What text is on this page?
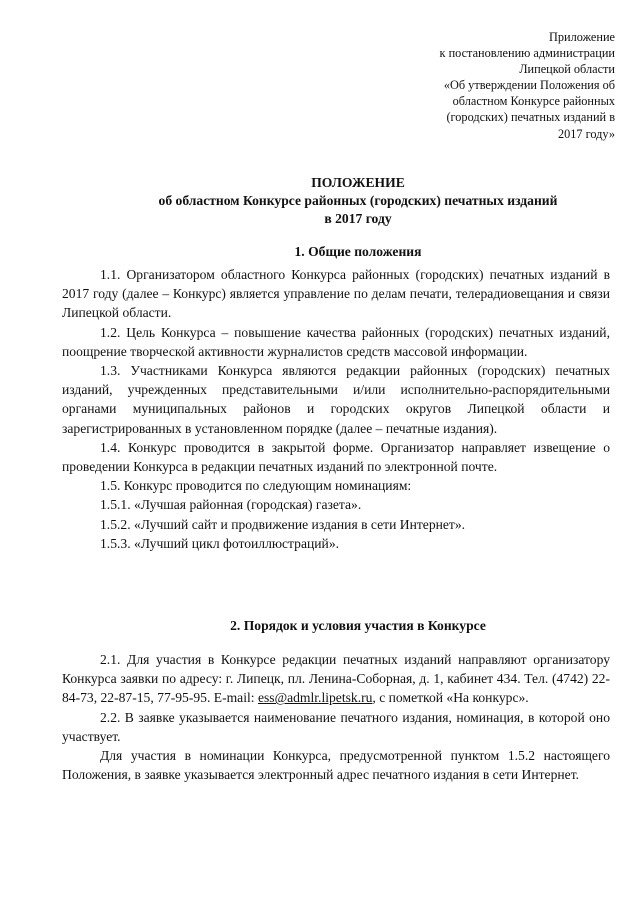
Приложение
к постановлению администрации
Липецкой области
«Об утверждении Положения об
областном Конкурсе районных
(городских) печатных изданий в
2017 году»
ПОЛОЖЕНИЕ
об областном Конкурсе районных (городских) печатных изданий
в 2017 году
1. Общие положения

1.1. Организатором областного Конкурса районных (городских) печатных изданий в 2017 году (далее – Конкурс) является управление по делам печати, телерадиовещания и связи Липецкой области.

1.2. Цель Конкурса – повышение качества районных (городских) печатных изданий, поощрение творческой активности журналистов средств массовой информации.

1.3. Участниками Конкурса являются редакции районных (городских) печатных изданий, учрежденных представительными и/или исполнительно-распорядительными органами муниципальных районов и городских округов Липецкой области и зарегистрированных в установленном порядке (далее – печатные издания).

1.4. Конкурс проводится в закрытой форме. Организатор направляет извещение о проведении Конкурса в редакции печатных изданий по электронной почте.

1.5. Конкурс проводится по следующим номинациям:

1.5.1. «Лучшая районная (городская) газета».

1.5.2. «Лучший сайт и продвижение издания в сети Интернет».

1.5.3. «Лучший цикл фотоиллюстраций».

2. Порядок и условия участия в Конкурсе

2.1. Для участия в Конкурсе редакции печатных изданий направляют организатору Конкурса заявки по адресу: г. Липецк, пл. Ленина-Соборная, д. 1, кабинет 434. Тел. (4742) 22-84-73, 22-87-15, 77-95-95. E-mail: ess@admlr.lipetsk.ru, с пометкой «На конкурс».

2.2. В заявке указывается наименование печатного издания, номинация, в которой оно участвует.

Для участия в номинации Конкурса, предусмотренной пунктом 1.5.2 настоящего Положения, в заявке указывается электронный адрес печатного издания в сети Интернет.
